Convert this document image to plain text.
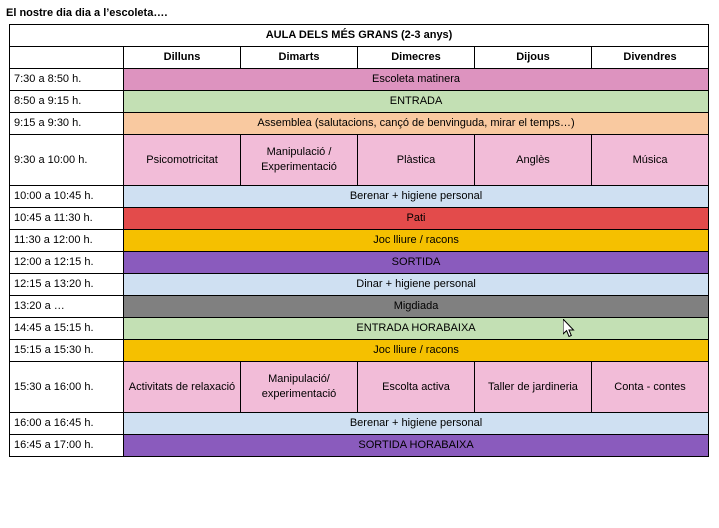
El nostre dia dia a l’escoleta….
AULA DELS MÉS GRANS (2-3 anys)					
	Dilluns	Dimarts	Dimecres	Dijous	Divendres
7:30 a 8:50 h.	Escoleta matinera				
8:50 a 9:15 h.	ENTRADA				
9:15 a 9:30 h.	Assemblea (salutacions, cançó de benvinguda, mirar el temps…)				
9:30 a 10:00 h.	Psicomotricitat	Manipulació / Experimentació	Plàstica	Anglès	Música
10:00 a 10:45 h.	Berenar + higiene personal				
10:45 a 11:30 h.	Pati				
11:30 a 12:00 h.	Joc lliure / racons				
12:00 a 12:15 h.	SORTIDA				
12:15 a 13:20 h.	Dinar + higiene personal				
13:20 a …	Migdiada				
14:45 a 15:15 h.	ENTRADA HORABAIXA				
15:15 a 15:30 h.	Joc lliure / racons				
15:30 a 16:00 h.	Activitats de relaxació	Manipulació/ experimentació	Escolta activa	Taller de jardineria	Conta - contes
16:00 a 16:45 h.	Berenar + higiene personal				
16:45 a 17:00 h.	SORTIDA HORABAIXA				
